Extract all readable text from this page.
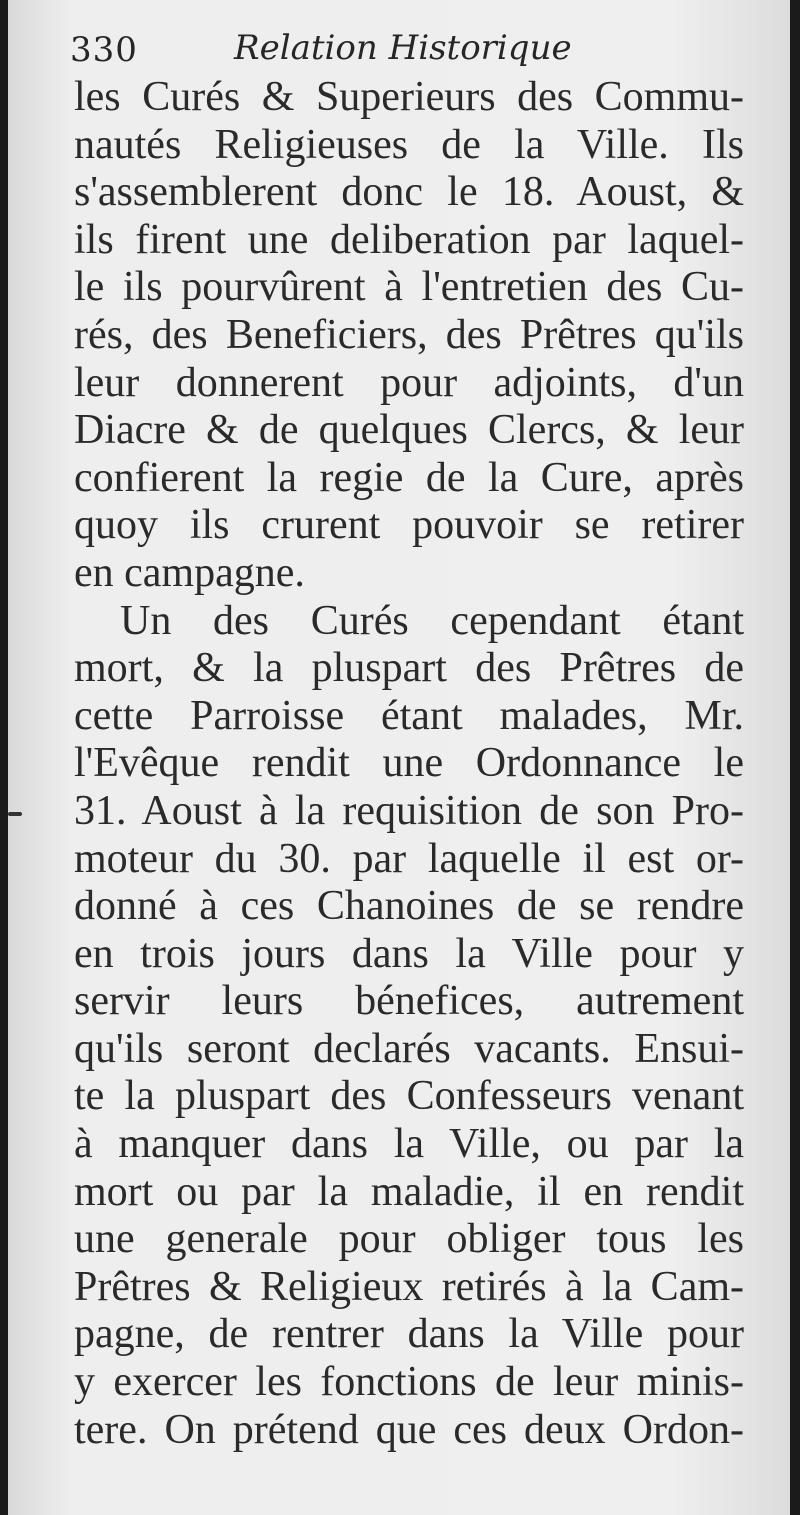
330	Relation Historique
les Curés & Superieurs des Commu-
nautés Religieuses de la Ville. Ils
s'assemblerent donc le 18. Aoust, &
ils firent une deliberation par laquel-
le ils pourvûrent à l'entretien des Cu-
rés, des Beneficiers, des Prêtres qu'ils
leur donnerent pour adjoints, d'un
Diacre & de quelques Clercs, & leur
confierent la regie de la Cure, après
quoy ils crurent pouvoir se retirer
en campagne.
Un des Curés cependant étant
mort, & la pluspart des Prêtres de
cette Parroisse étant malades, Mr.
l'Evêque rendit une Ordonnance le
31. Aoust à la requisition de son Pro-
moteur du 30. par laquelle il est or-
donné à ces Chanoines de se rendre
en trois jours dans la Ville pour y
servir leurs bénefices, autrement
qu'ils seront declarés vacants. Ensui-
te la pluspart des Confesseurs venant
à manquer dans la Ville, ou par la
mort ou par la maladie, il en rendit
une generale pour obliger tous les
Prêtres & Religieux retirés à la Cam-
pagne, de rentrer dans la Ville pour
y exercer les fonctions de leur minis-
tere. On prétend que ces deux Ordon-
